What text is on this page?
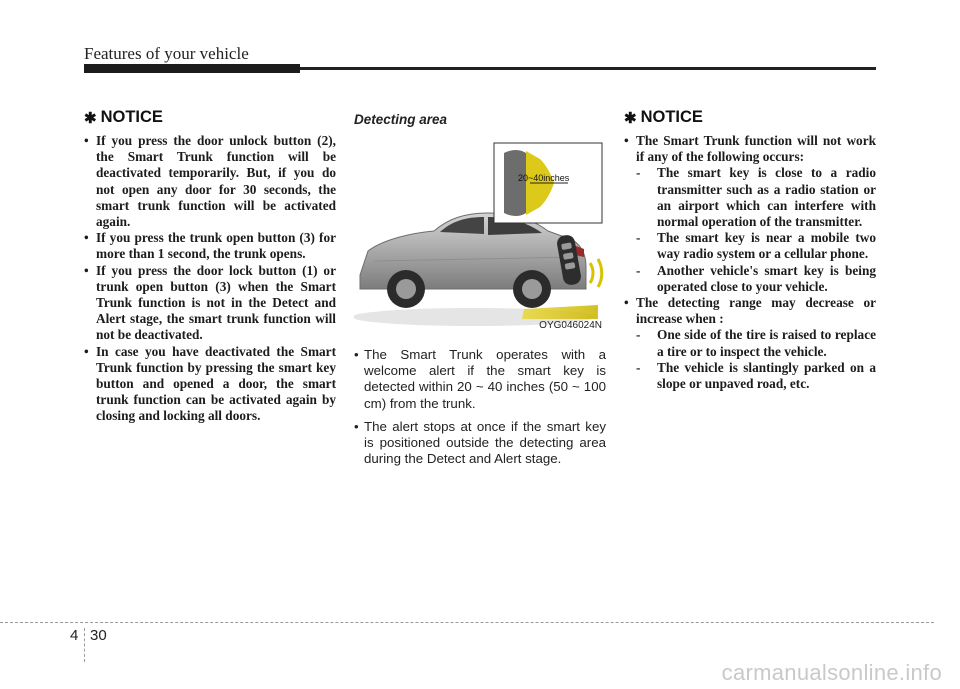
Features of your vehicle
✱ NOTICE
• If you press the door unlock button (2), the Smart Trunk function will be deactivated temporarily. But, if you do not open any door for 30 seconds, the smart trunk function will be activated again.
• If you press the trunk open button (3) for more than 1 second, the trunk opens.
• If you press the door lock button (1) or trunk open button (3) when the Smart Trunk function is not in the Detect and Alert stage, the smart trunk function will not be deactivated.
• In case you have deactivated the Smart Trunk function by pressing the smart key button and opened a door, the smart trunk function can be activated again by closing and locking all doors.
Detecting area
20~40inches
OYG046024N
• The Smart Trunk operates with a welcome alert if the smart key is detected within 20 ~ 40 inches (50 ~ 100 cm) from the trunk.
• The alert stops at once if the smart key is positioned outside the detecting area during the Detect and Alert stage.
✱ NOTICE
• The Smart Trunk function will not work if any of the following occurs:
- The smart key is close to a radio transmitter such as a radio station or an airport which can interfere with normal operation of the transmitter.
- The smart key is near a mobile two way radio system or a cellular phone.
- Another vehicle's smart key is being operated close to your vehicle.
• The detecting range may decrease or increase when :
- One side of the tire is raised to replace a tire or to inspect the vehicle.
- The vehicle is slantingly parked on a slope or unpaved road, etc.
4 30
carmanualsonline.info
